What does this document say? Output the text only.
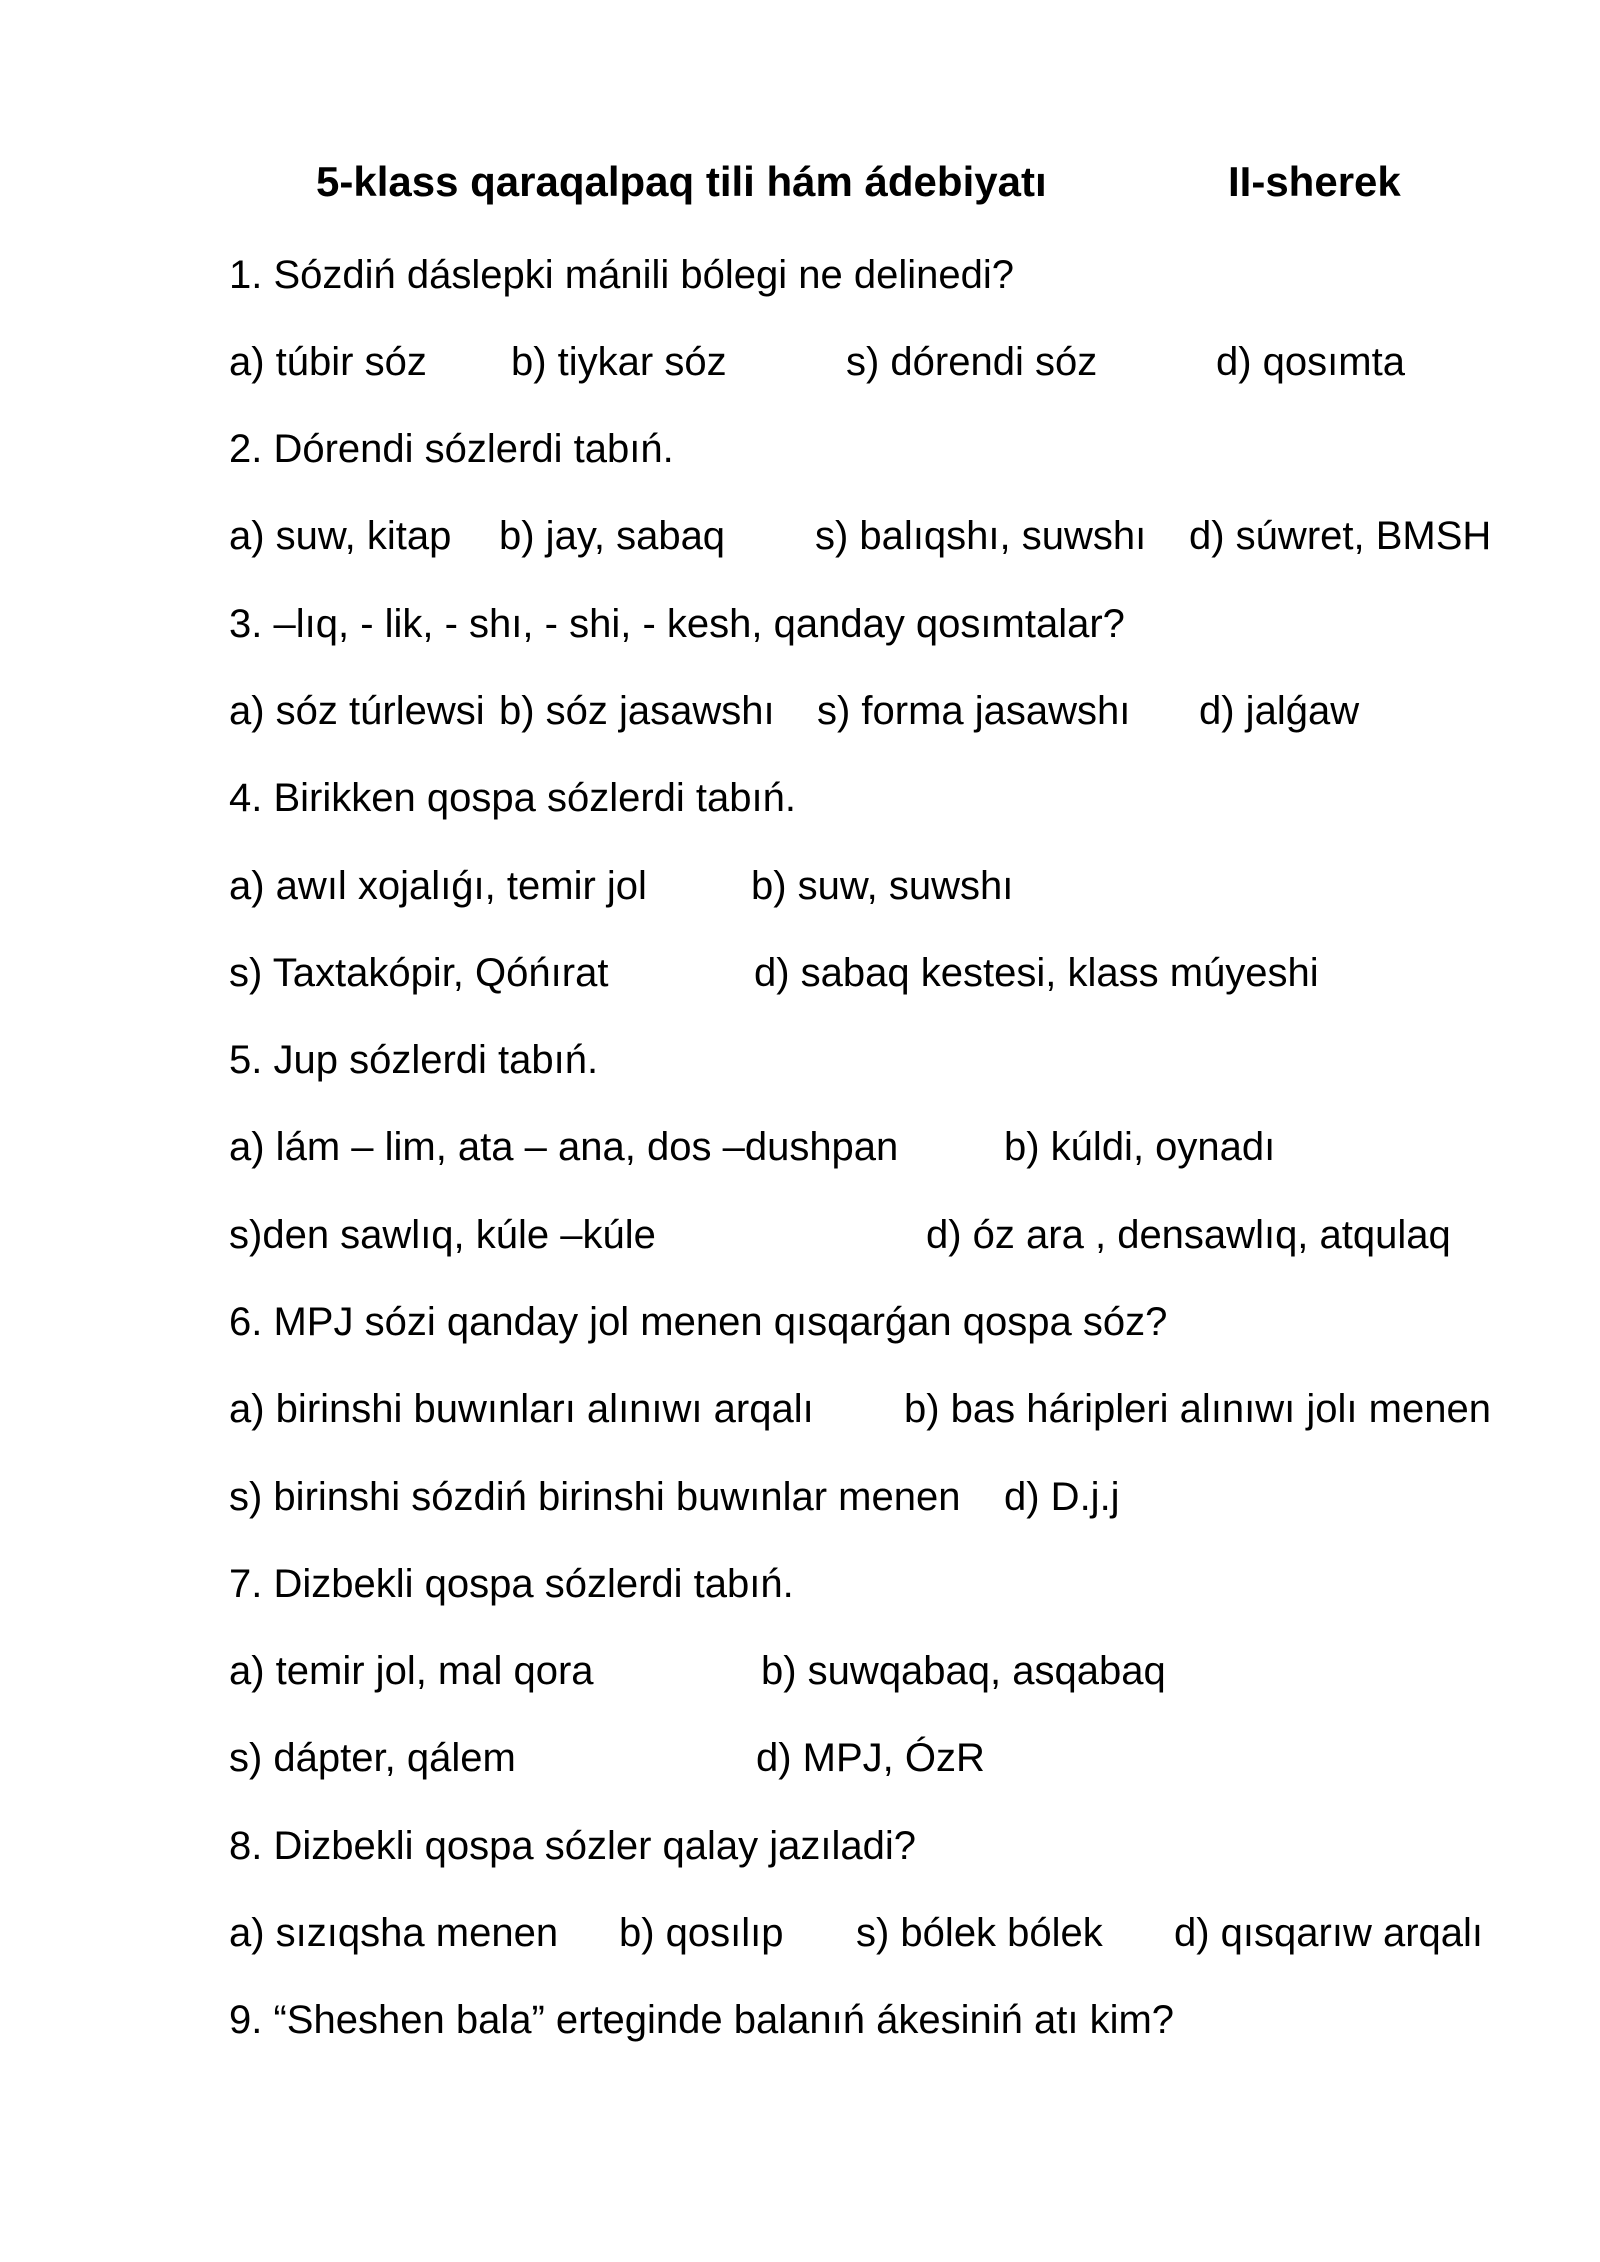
5-klass qaraqalpaq tili hám ádebiyatı	II-sherek
1. Sózdiń dáslepki mánili bólegi ne delinedi?
a) túbir sóz b) tiykar sóz	s) dórendi sóz	d) qosımta
2. Dórendi sózlerdi tabıń.
a) suw, kitap b) jay, sabaq s) balıqshı, suwshı d) súwret, BMSH
3. –lıq, - lik, - shı, - shi, - kesh, qanday qosımtalar?
a) sóz túrlewsi b) sóz jasawshı s) forma jasawshı d) jalǵaw
4. Birikken qospa sózlerdi tabıń.
a) awıl xojalıǵı, temir jol	b) suw, suwshı
s) Taxtakópir, Qóńırat	d) sabaq kestesi, klass múyeshi
5. Jup sózlerdi tabıń.
a) lám – lim, ata – ana, dos –dushpan	b) kúldi, oynadı
s)den sawlıq, kúle –kúle	d) óz ara , densawlıq, atqulaq
6. MPJ sózi qanday jol menen qısqarǵan qospa sóz?
a) birinshi buwınları alınıwı arqalı b) bas háripleri alınıwı jolı menen
s) birinshi sózdiń birinshi buwınlar menen d) D.j.j
7. Dizbekli qospa sózlerdi tabıń.
a) temir jol, mal qora	b) suwqabaq, asqabaq
s) dápter, qálem	d) MPJ, ÓzR
8. Dizbekli qospa sózler qalay jazıladi?
a) sızıqsha menen b) qosılıp s) bólek bólek d) qısqarıw arqalı
9. “Sheshen bala” erteginde balanıń ákesiniń atı kim?
